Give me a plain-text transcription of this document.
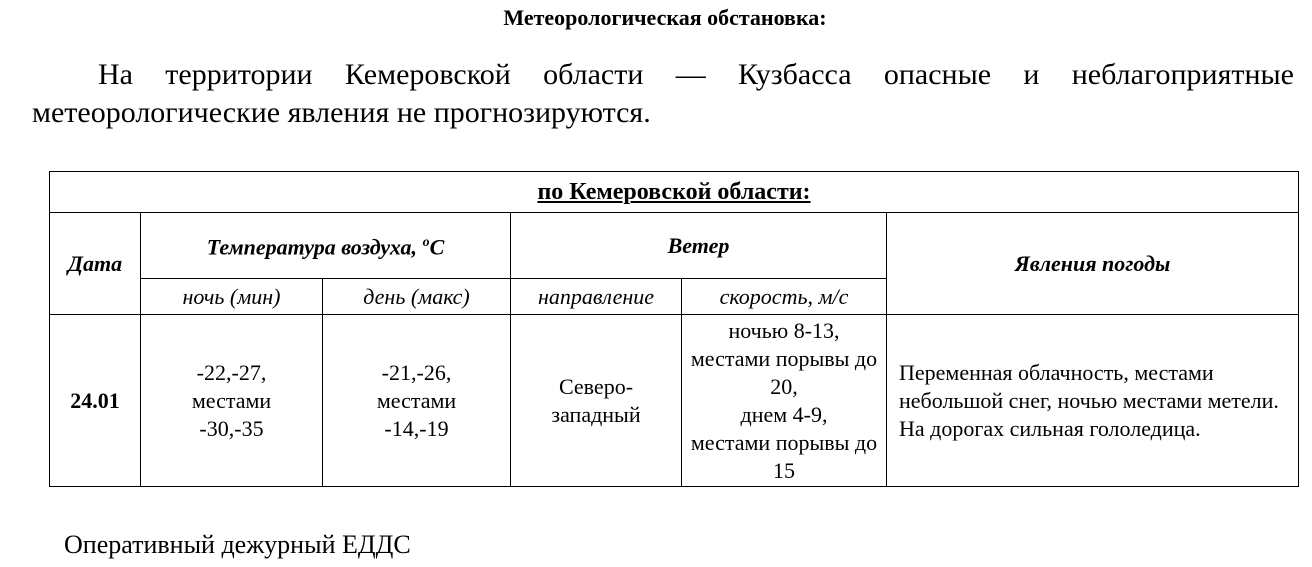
Метеорологическая обстановка:
На территории Кемеровской области — Кузбасса опасные и неблагоприятные метеорологические явления не прогнозируются.
по Кемеровской области:					
Дата	Температура воздуха, $^о$С		Ветер		Явления погоды
	ночь (мин)	день (макс)	направление	скорость, м/с	
24.01	-22,-27, местами -30,-35	-21,-26, местами -14,-19	Северо-западный	ночью 8-13,
местами порывы до 20,
днем 4-9,
местами порывы до 15	Переменная облачность, местами небольшой снег, ночью местами метели. На дорогах сильная гололедица.
Оперативный дежурный ЕДДС
